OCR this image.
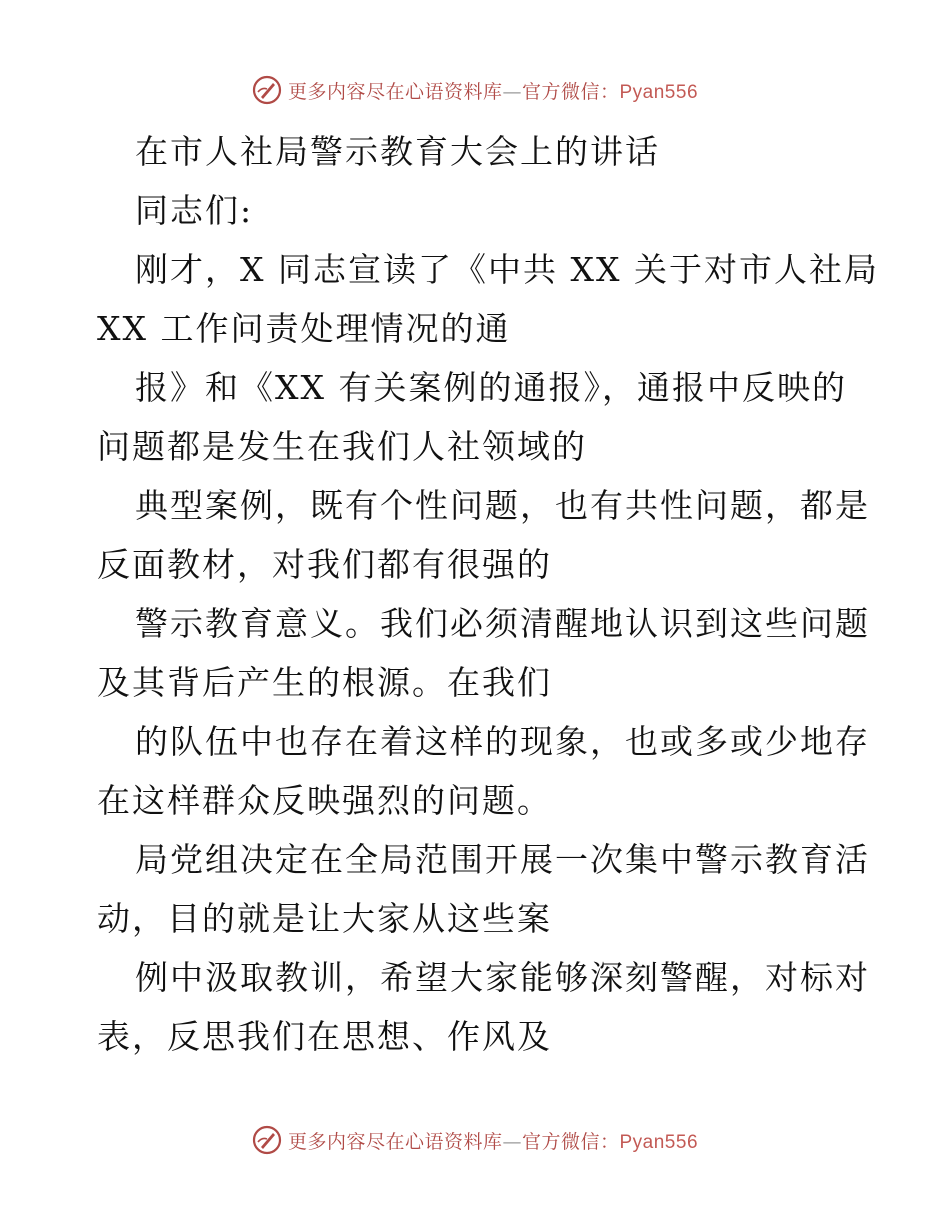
更多内容尽在心语资料库—官方微信：Pyan556

在市人社局警示教育大会上的讲话
同志们:
刚才，X 同志宣读了《中共 XX 关于对市人社局
XX 工作问责处理情况的通
报》和《XX 有关案例的通报》，通报中反映的
问题都是发生在我们人社领域的
典型案例，既有个性问题，也有共性问题，都是
反面教材，对我们都有很强的
警示教育意义。我们必须清醒地认识到这些问题
及其背后产生的根源。在我们
的队伍中也存在着这样的现象，也或多或少地存
在这样群众反映强烈的问题。
局党组决定在全局范围开展一次集中警示教育活
动，目的就是让大家从这些案
例中汲取教训，希望大家能够深刻警醒，对标对
表，反思我们在思想、作风及

更多内容尽在心语资料库—官方微信：Pyan556
